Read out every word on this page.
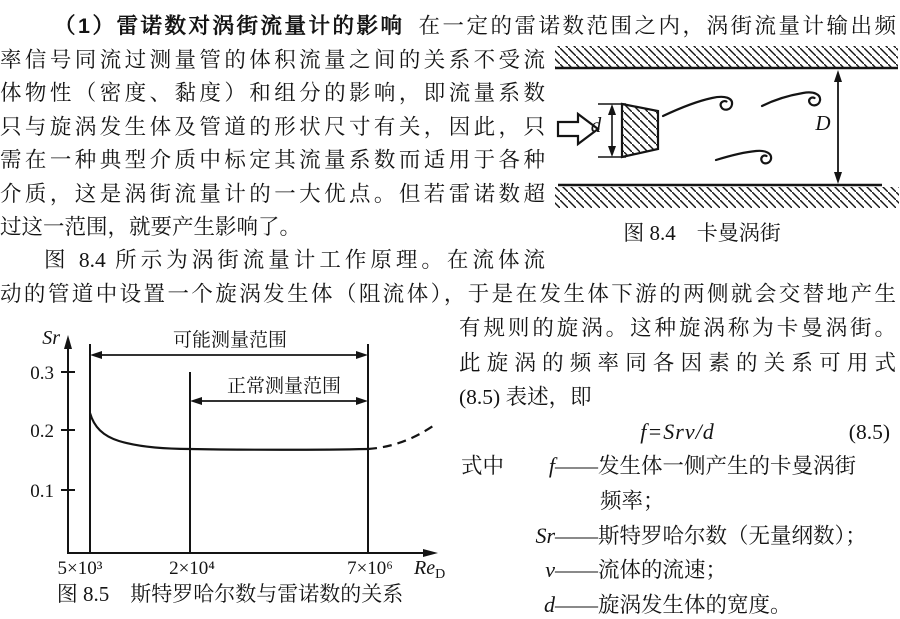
（1）雷诺数对涡街流量计的影响 在一定的雷诺数范围之内，涡街流量计输出频
率信号同流过测量管的体积流量之间的关系不受流
体物性（密度、黏度）和组分的影响，即流量系数
只与旋涡发生体及管道的形状尺寸有关，因此，只
需在一种典型介质中标定其流量系数而适用于各种
介质，这是涡街流量计的一大优点。但若雷诺数超
过这一范围，就要产生影响了。
图 8.4 所示为涡街流量计工作原理。在流体流
动的管道中设置一个旋涡发生体（阻流体），于是在发生体下游的两侧就会交替地产生
有规则的旋涡。这种旋涡称为卡曼涡街。
此旋涡的频率同各因素的关系可用式
(8.5) 表述，即
f=Srv/d	(8.5)
式中 f——发生体一侧产生的卡曼涡街
频率；
Sr——斯特罗哈尔数（无量纲数）；
v——流体的流速；
d——旋涡发生体的宽度。
d	D
图 8.4　卡曼涡街
Sr
0.3
0.2
0.1
可能测量范围
正常测量范围
5×10³	2×10⁴	7×10⁶ $Re_D$
图 8.5　斯特罗哈尔数与雷诺数的关系
